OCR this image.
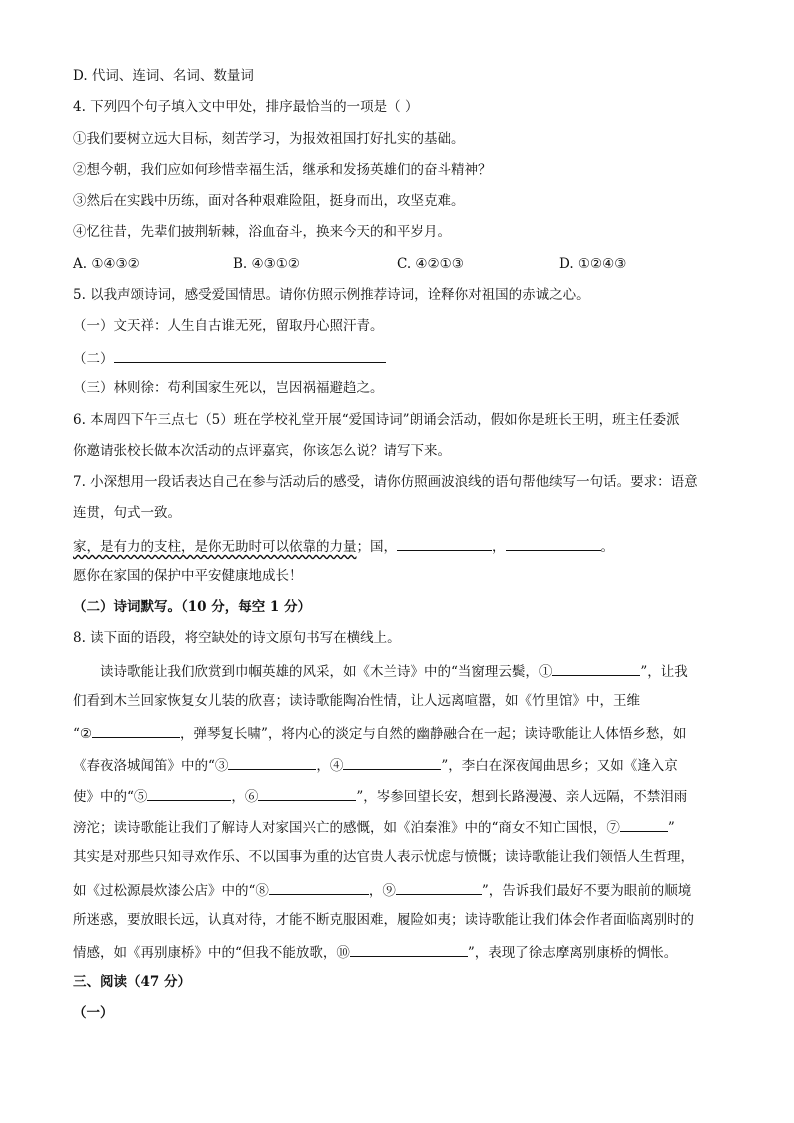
D. 代词、连词、名词、数量词
4. 下列四个句子填入文中甲处，排序最恰当的一项是（ ）
①我们要树立远大目标，刻苦学习，为报效祖国打好扎实的基础。
②想今朝，我们应如何珍惜幸福生活，继承和发扬英雄们的奋斗精神？
③然后在实践中历练，面对各种艰难险阻，挺身而出，攻坚克难。
④忆往昔，先辈们披荆斩棘，浴血奋斗，换来今天的和平岁月。
A. ①④③②	B. ④③①②	C. ④②①③	D. ①②④③
5. 以我声颂诗词，感受爱国情思。请你仿照示例推荐诗词，诠释你对祖国的赤诚之心。
（一）文天祥：人生自古谁无死，留取丹心照汗青。
（二）
（三）林则徐：苟利国家生死以，岂因祸福避趋之。
6. 本周四下午三点七（5）班在学校礼堂开展“爱国诗词”朗诵会活动，假如你是班长王明，班主任委派
你邀请张校长做本次活动的点评嘉宾，你该怎么说？请写下来。
7. 小深想用一段话表达自己在参与活动后的感受，请你仿照画波浪线的语句帮他续写一句话。要求：语意
连贯，句式一致。
家，是有力的支柱，是你无助时可以依靠的力量；国，	，	。
愿你在家国的保护中平安健康地成长！
（二）诗词默写。（10 分，每空 1 分）
8. 读下面的语段，将空缺处的诗文原句书写在横线上。
读诗歌能让我们欣赏到巾帼英雄的风采，如《木兰诗》中的“当窗理云鬓，①	”，让我
们看到木兰回家恢复女儿装的欣喜；读诗歌能陶冶性情，让人远离喧嚣，如《竹里馆》中，王维
“②	，弹琴复长啸”，将内心的淡定与自然的幽静融合在一起；读诗歌能让人体悟乡愁，如
《春夜洛城闻笛》中的“③	，④	”，李白在深夜闻曲思乡；又如《逢入京
使》中的“⑤	，⑥	”，岑参回望长安，想到长路漫漫、亲人远隔，不禁泪雨
滂沱；读诗歌能让我们了解诗人对家国兴亡的感慨，如《泊秦淮》中的“商女不知亡国恨，⑦	”
其实是对那些只知寻欢作乐、不以国事为重的达官贵人表示忧虑与愤慨；读诗歌能让我们领悟人生哲理，
如《过松源晨炊漆公店》中的“⑧	，⑨	”，告诉我们最好不要为眼前的顺境
所迷惑，要放眼长远，认真对待，才能不断克服困难，履险如夷；读诗歌能让我们体会作者面临离别时的
情感，如《再别康桥》中的“但我不能放歌，⑩	”，表现了徐志摩离别康桥的惆怅。
三、阅读（47 分）
（一）
